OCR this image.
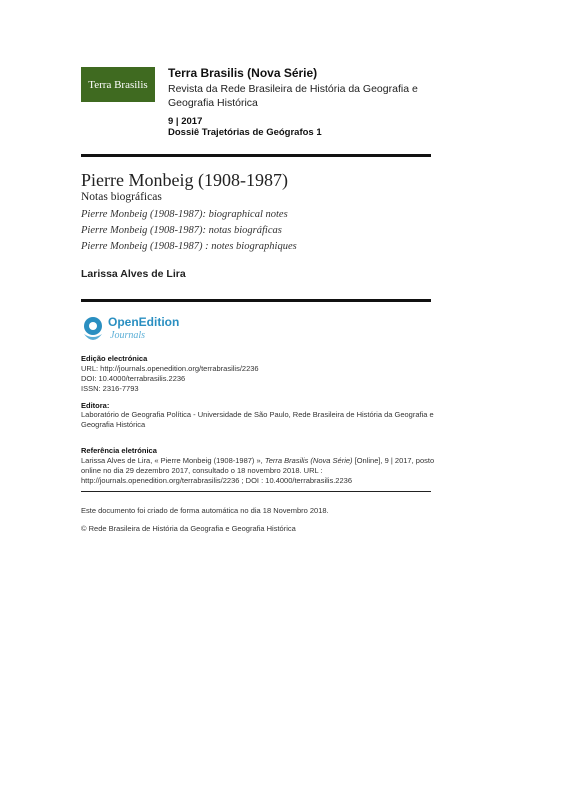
Terra Brasilis
Terra Brasilis (Nova Série)
Revista da Rede Brasileira de História da Geografia e Geografia Histórica
9 | 2017
Dossiê Trajetórias de Geógrafos 1
Pierre Monbeig (1908-1987)
Notas biográficas
Pierre Monbeig (1908-1987): biographical notes
Pierre Monbeig (1908-1987): notas biográficas
Pierre Monbeig (1908-1987) : notes biographiques
Larissa Alves de Lira
OpenEdition
Journals
Edição electrónica
URL: http://journals.openedition.org/terrabrasilis/2236
DOI: 10.4000/terrabrasilis.2236
ISSN: 2316-7793
Editora:
Laboratório de Geografia Política - Universidade de São Paulo, Rede Brasileira de História da Geografia e Geografia Histórica
Referência eletrónica
Larissa Alves de Lira, « Pierre Monbeig (1908-1987) », Terra Brasilis (Nova Série) [Online], 9 | 2017, posto online no dia 29 dezembro 2017, consultado o 18 novembro 2018. URL : http://journals.openedition.org/terrabrasilis/2236 ; DOI : 10.4000/terrabrasilis.2236
Este documento foi criado de forma automática no dia 18 Novembro 2018.
© Rede Brasileira de História da Geografia e Geografia Histórica
